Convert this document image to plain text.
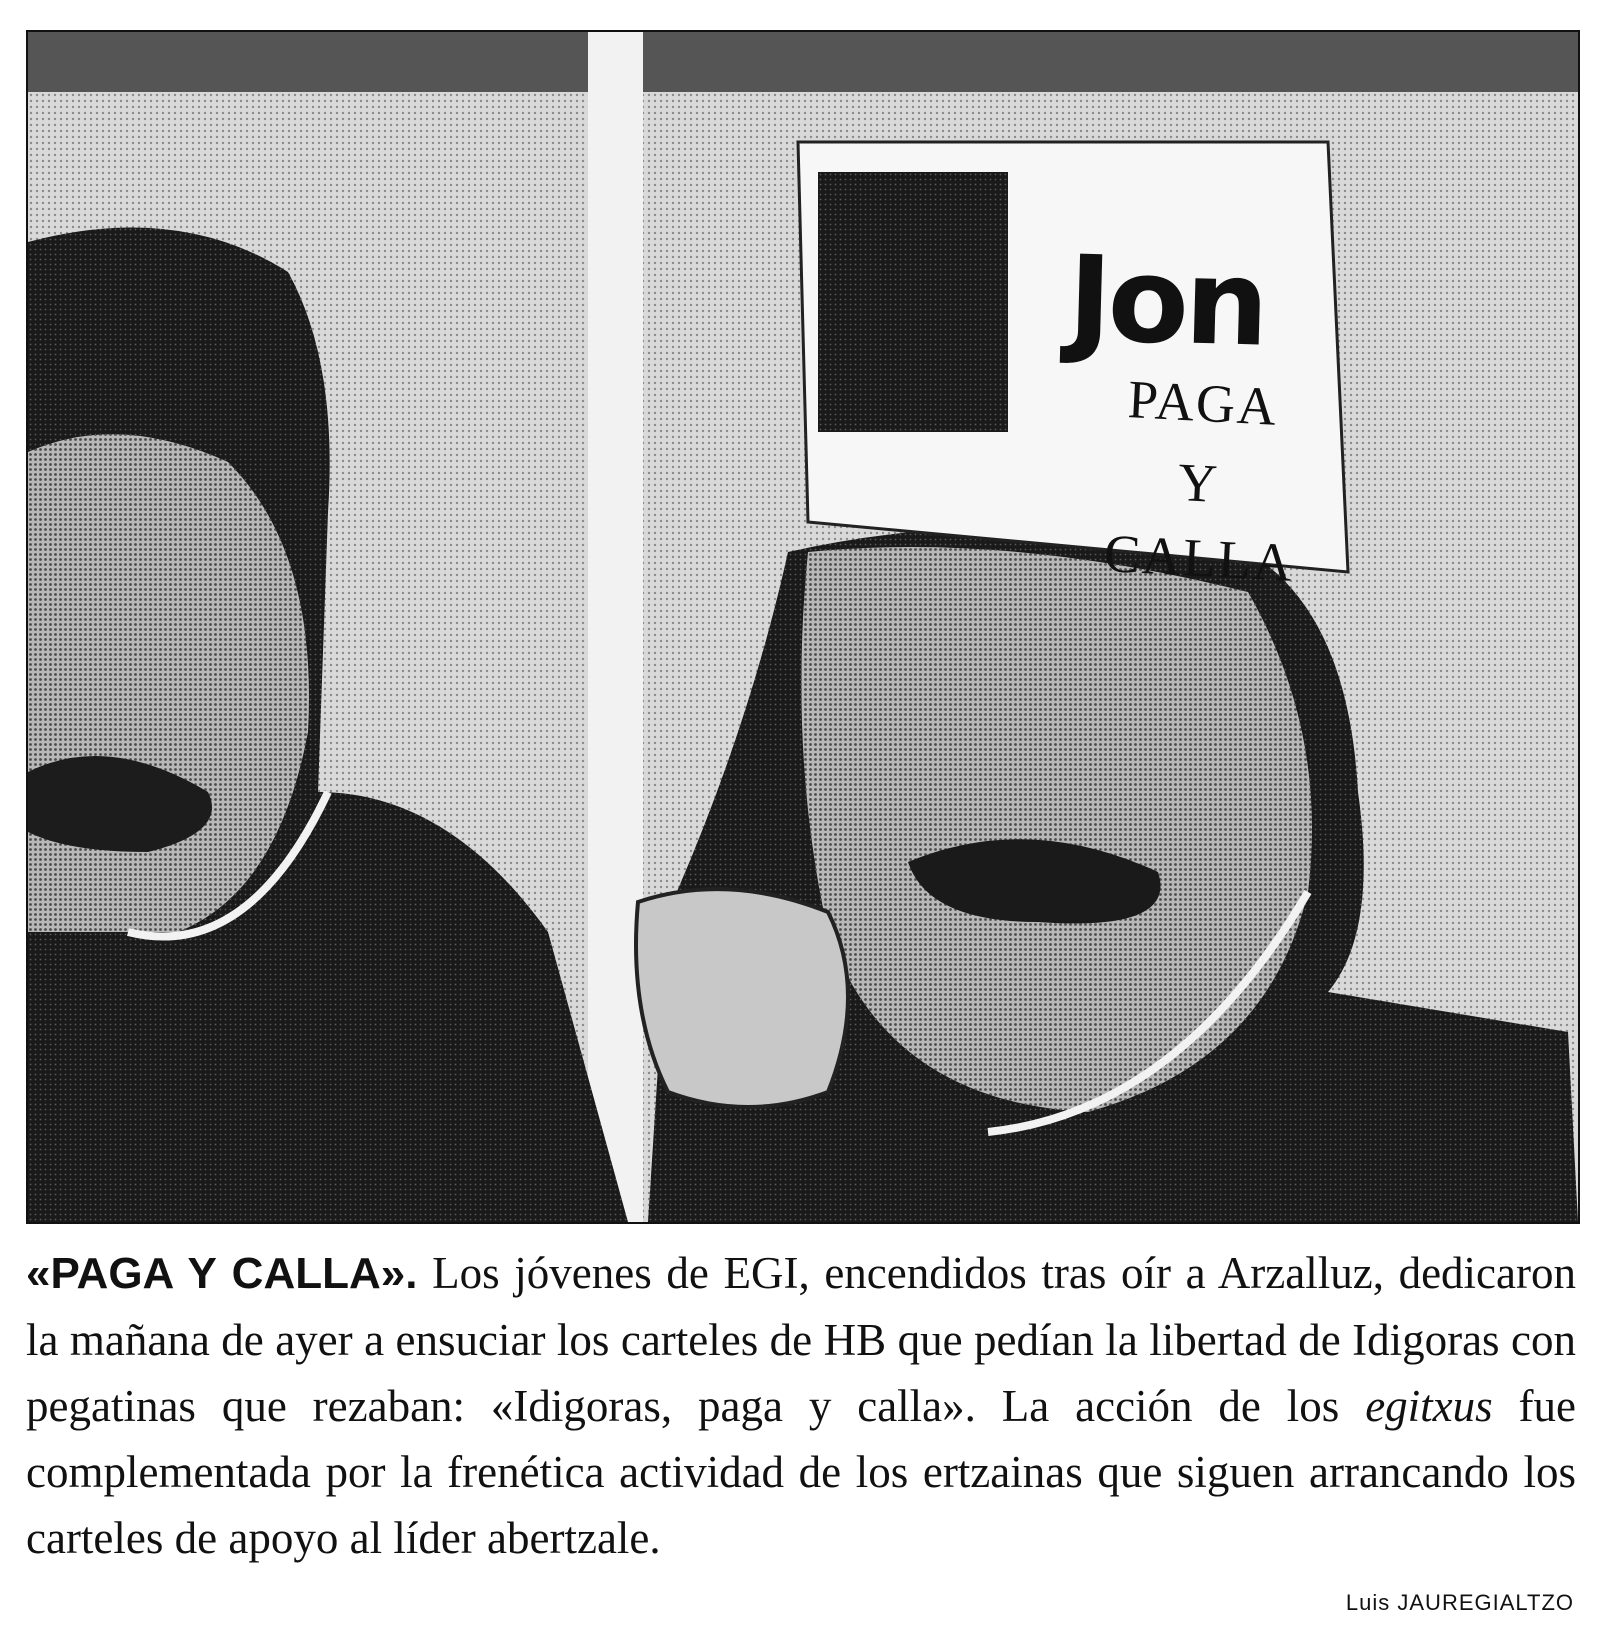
Jon
PAGA
Y
CALLA
«PAGA Y CALLA». Los jóvenes de EGI, encendidos tras oír a Arzalluz, dedicaron la mañana de ayer a ensuciar los carteles de HB que pedían la libertad de Idigoras con pegatinas que rezaban: «Idigoras, paga y calla». La acción de los egitxus fue complementada por la frenética actividad de los ertzainas que siguen arrancando los carteles de apoyo al líder abertzale.
Luis JAUREGIALTZO
